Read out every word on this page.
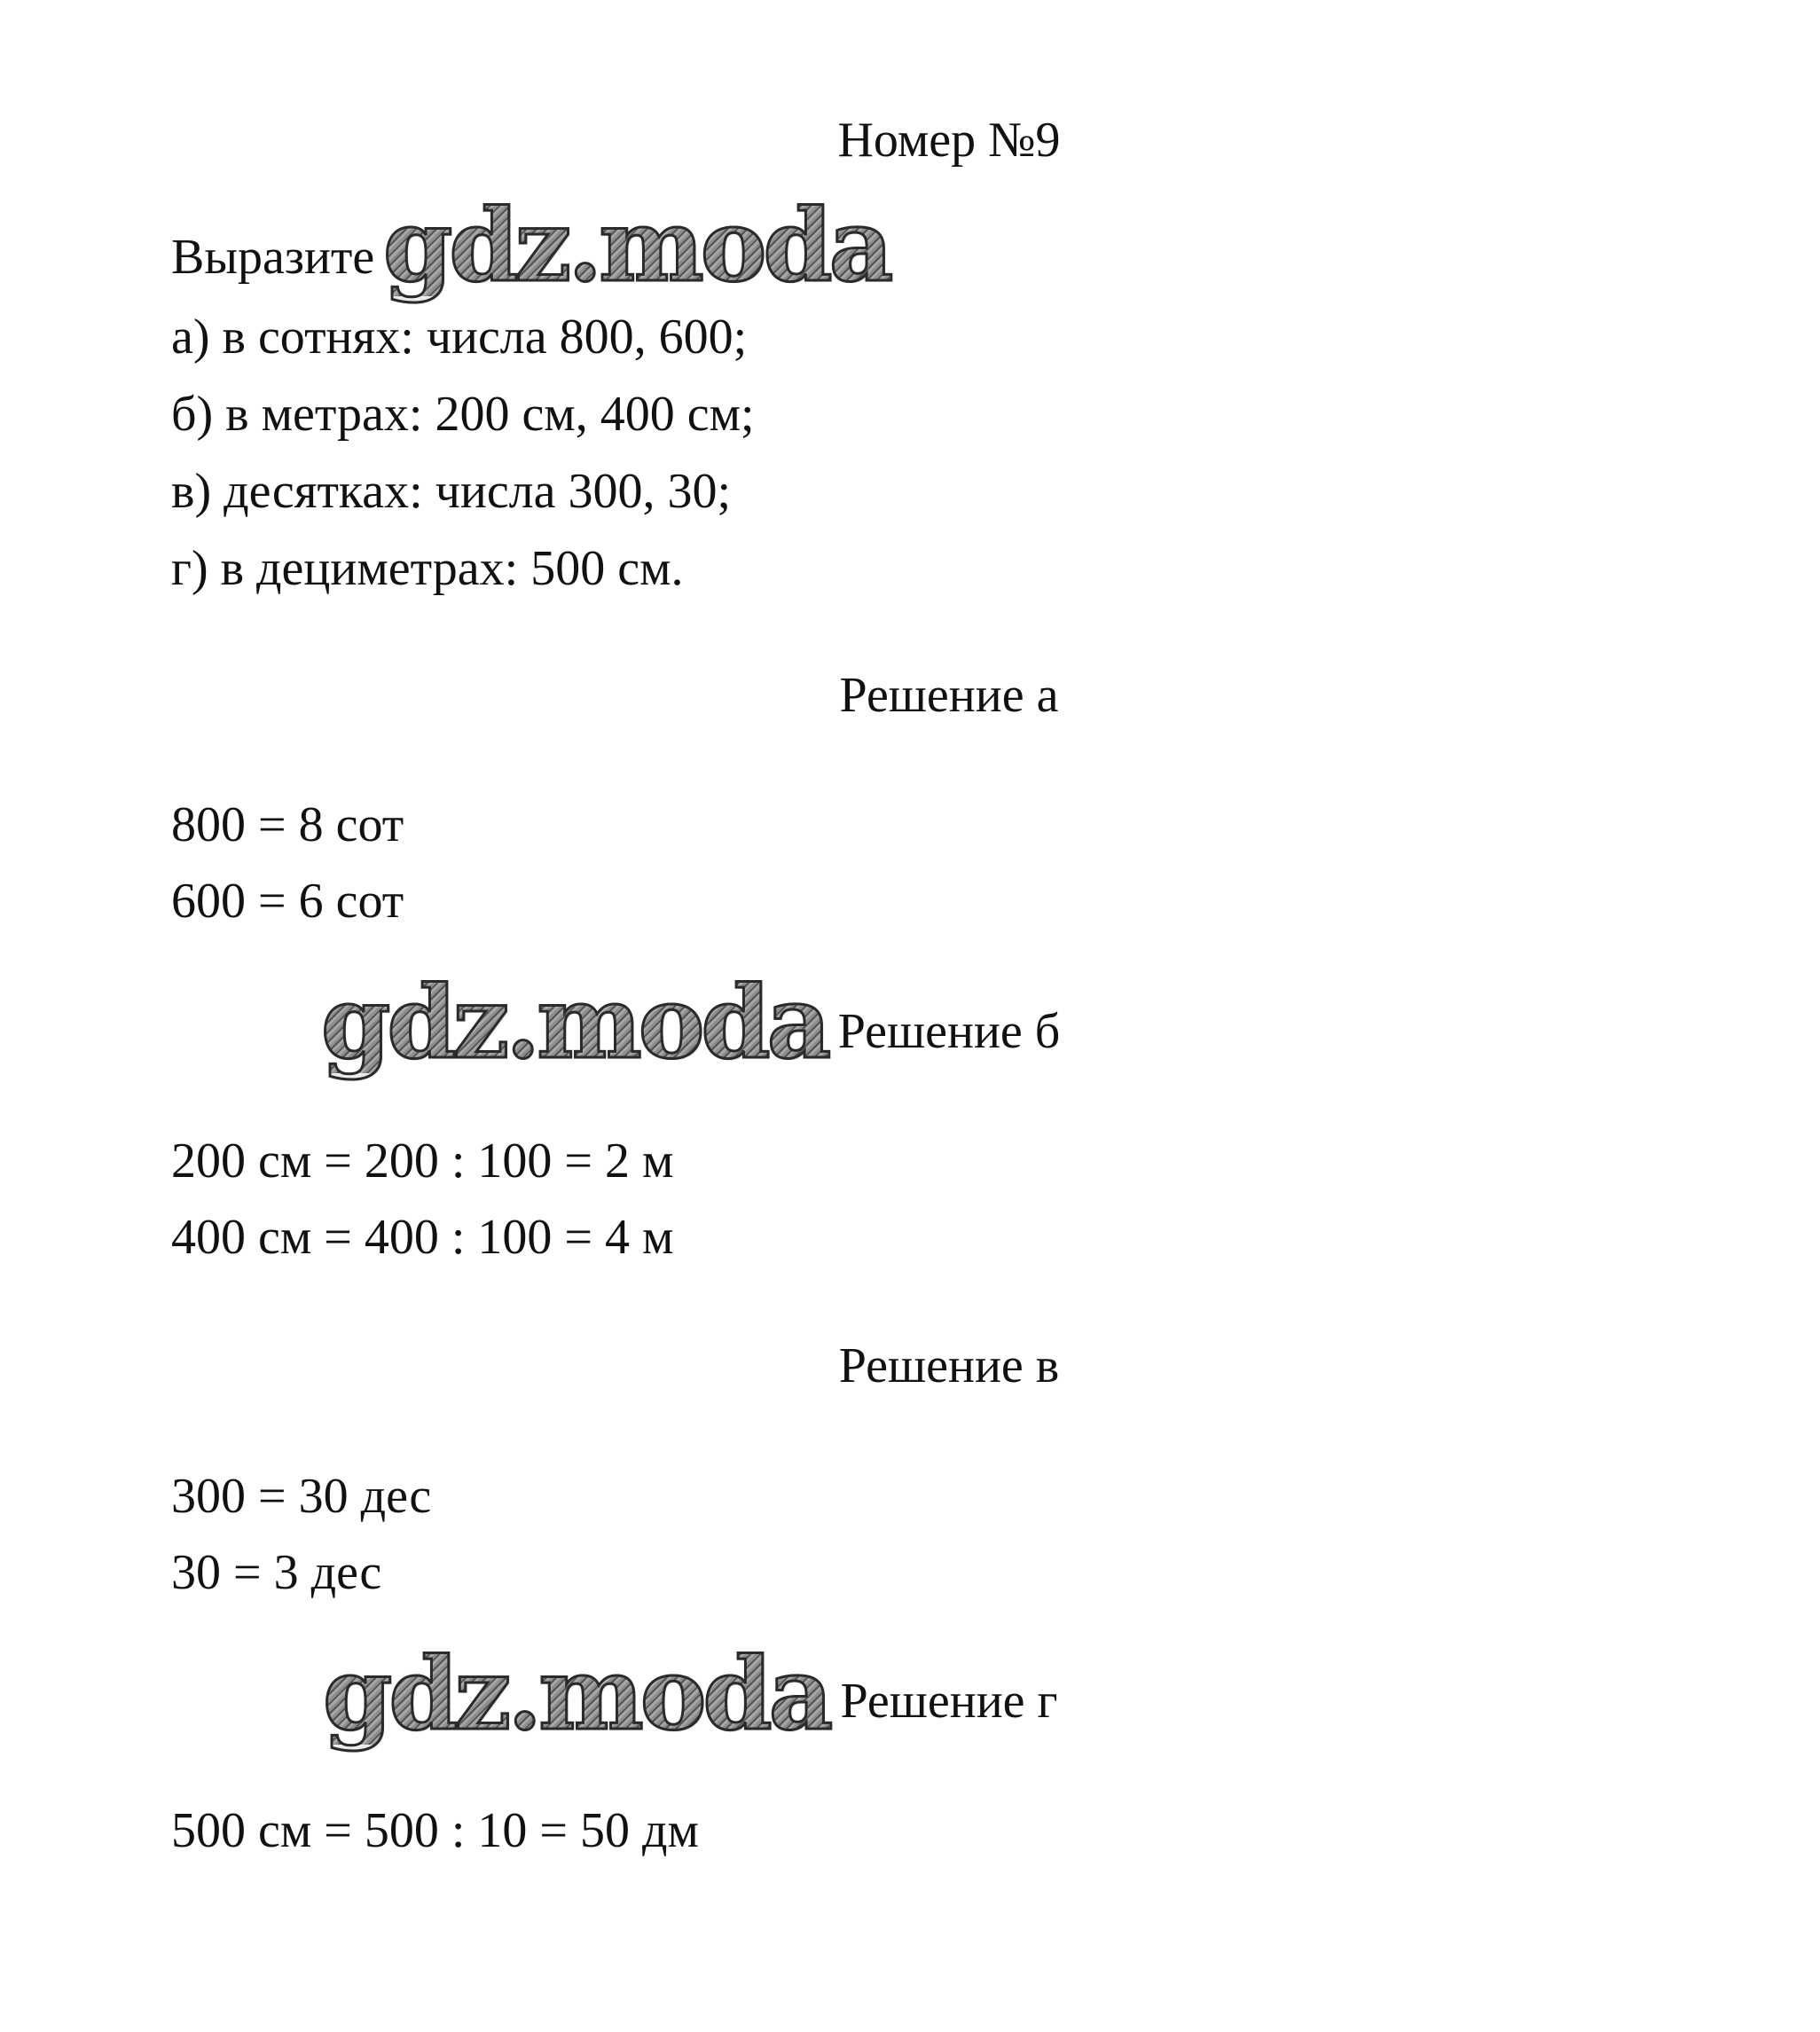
Номер №9
Выразите gdz.moda
а) в сотнях: числа 800, 600;
б) в метрах: 200 см, 400 см;
в) десятках: числа 300, 30;
г) в дециметрах: 500 см.
Решение а
800 = 8 сот
600 = 6 сот
gdz.moda Решение б
200 см = 200 : 100 = 2 м
400 см = 400 : 100 = 4 м
Решение в
300 = 30 дес
30 = 3 дес
gdz.moda Решение г
500 см = 500 : 10 = 50 дм
